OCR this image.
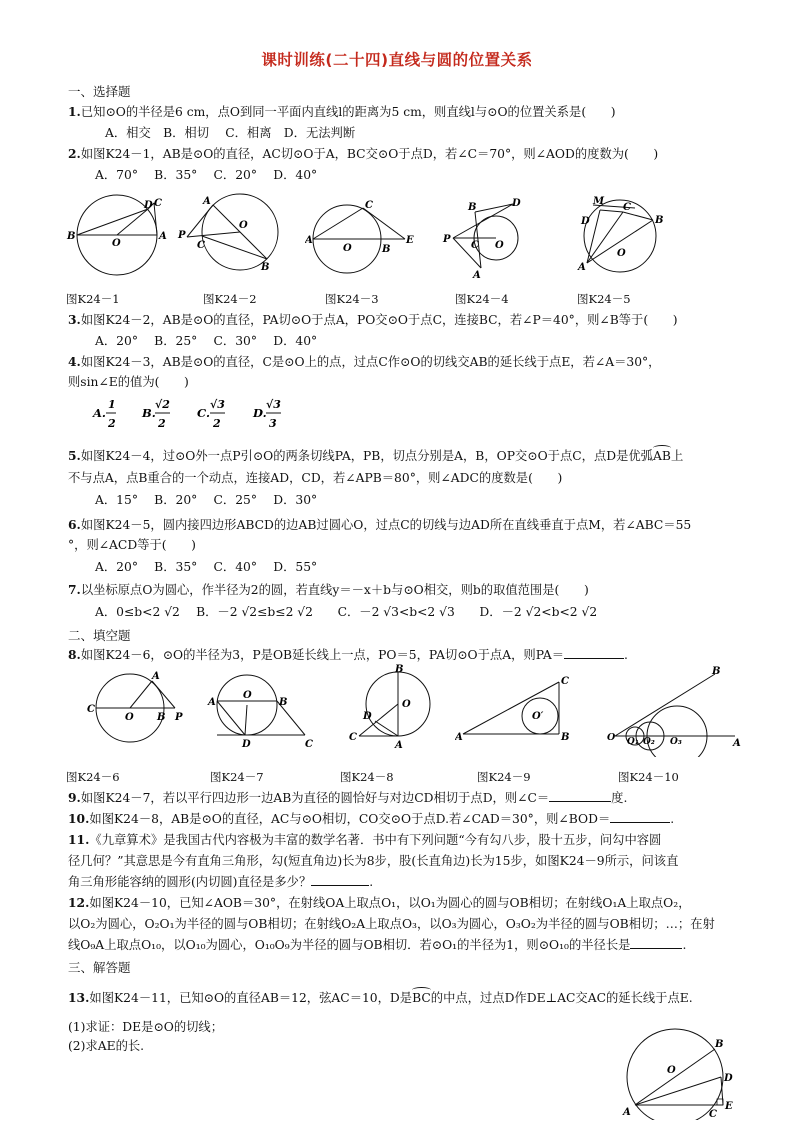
课时训练(二十四)直线与圆的位置关系
一、选择题
1.已知⊙O的半径是6 cm，点O到同一平面内直线l的距离为5 cm，则直线l与⊙O的位置关系是(　　)
A．相交　B．相切　 C．相离　D．无法判断
2.如图K24－1，AB是⊙O的直径，AC切⊙O于A，BC交⊙O于点D，若∠C＝70°，则∠AOD的度数为(　　)
A．70°　 B．35°　 C．20°　 D．40°
B
O
A
D C	A
P
C
O
B
A
O	B
C
E	P
B	D
C O
A
M
D
C
O
B
A
图K24－1	图K24－2	图K24－3	图K24－4	图K24－5
3.如图K24－2，AB是⊙O的直径，PA切⊙O于点A，PO交⊙O于点C，连接BC，若∠P＝40°，则∠B等于(　　)
A．20°　 B．25°　 C．30°　 D．40°
4.如图K24－3，AB是⊙O的直径，C是⊙O上的点，过点C作⊙O的切线交AB的延长线于点E，若∠A＝30°，
则sin∠E的值为(　　)
A.
1
2
B.
√2
2
C.
√3
2
D.
√3
3
5.如图K24－4，过⊙O外一点P引⊙O的两条切线PA，PB，切点分别是A，B，OP交⊙O于点C，点D是优弧
AB上
不与点A，点B重合的一个动点，连接AD，CD，若∠APB＝80°，则∠ADC的度数是(　　)
A．15°　 B．20°　 C．25°　 D．30°
6.如图K24－5，圆内接四边形ABCD的边AB过圆心O，过点C的切线与边AD所在直线垂直于点M，若∠ABC＝55
°，则∠ACD等于(　　)
A．20°　 B．35°　 C．40°　 D．55°
7.以坐标原点O为圆心，作半径为2的圆，若直线y＝－x＋b与⊙O相交，则b的取值范围是(　　)
A．0≤b<2 √2　 B．－2 √2≤b≤2 √2　　C．－2 √3<b<2 √3　　D．－2 √2<b<2 √2
二、填空题
8.如图K24－6，⊙O的半径为3，P是OB延长线上一点，PO＝5，PA切⊙O于点A，则PA＝	.
C
O B P
A
A
O
B
D	C
B
O
D
C
A
A	B
C
O′
O O₁ O₂ O₃	A
B
图K24－6	图K24－7	图K24－8	图K24－9	图K24－10
9.如图K24－7，若以平行四边形一边AB为直径的圆恰好与对边CD相切于点D，则∠C＝	度.
10.如图K24－8，AB是⊙O的直径，AC与⊙O相切，CO交⊙O于点D.若∠CAD＝30°，则∠BOD＝	.
11.《九章算术》是我国古代内容极为丰富的数学名著．书中有下列问题“今有勾八步，股十五步，问勾中容圆
径几何？”其意思是今有直角三角形，勾(短直角边)长为8步，股(长直角边)长为15步，如图K24－9所示，问该直
角三角形能容纳的圆形(内切圆)直径是多少？	.
12.如图K24－10，已知∠AOB＝30°，在射线OA上取点O₁，以O₁为圆心的圆与OB相切；在射线O₁A上取点O₂，
以O₂为圆心，O₂O₁为半径的圆与OB相切；在射线O₂A上取点O₃，以O₃为圆心，O₃O₂为半径的圆与OB相切；…；在射
线O₉A上取点O₁₀，以O₁₀为圆心，O₁₀O₉为半径的圆与OB相切．若⊙O₁的半径为1，则⊙O₁₀的半径长是	.
三、解答题
13.如图K24－11，已知⊙O的直径AB＝12，弦AC＝10，D是
BC的中点，过点D作DE⊥AC交AC的延长线于点E.
(1)求证：DE是⊙O的切线；
(2)求AE的长.
A
B
O
D
C
E
